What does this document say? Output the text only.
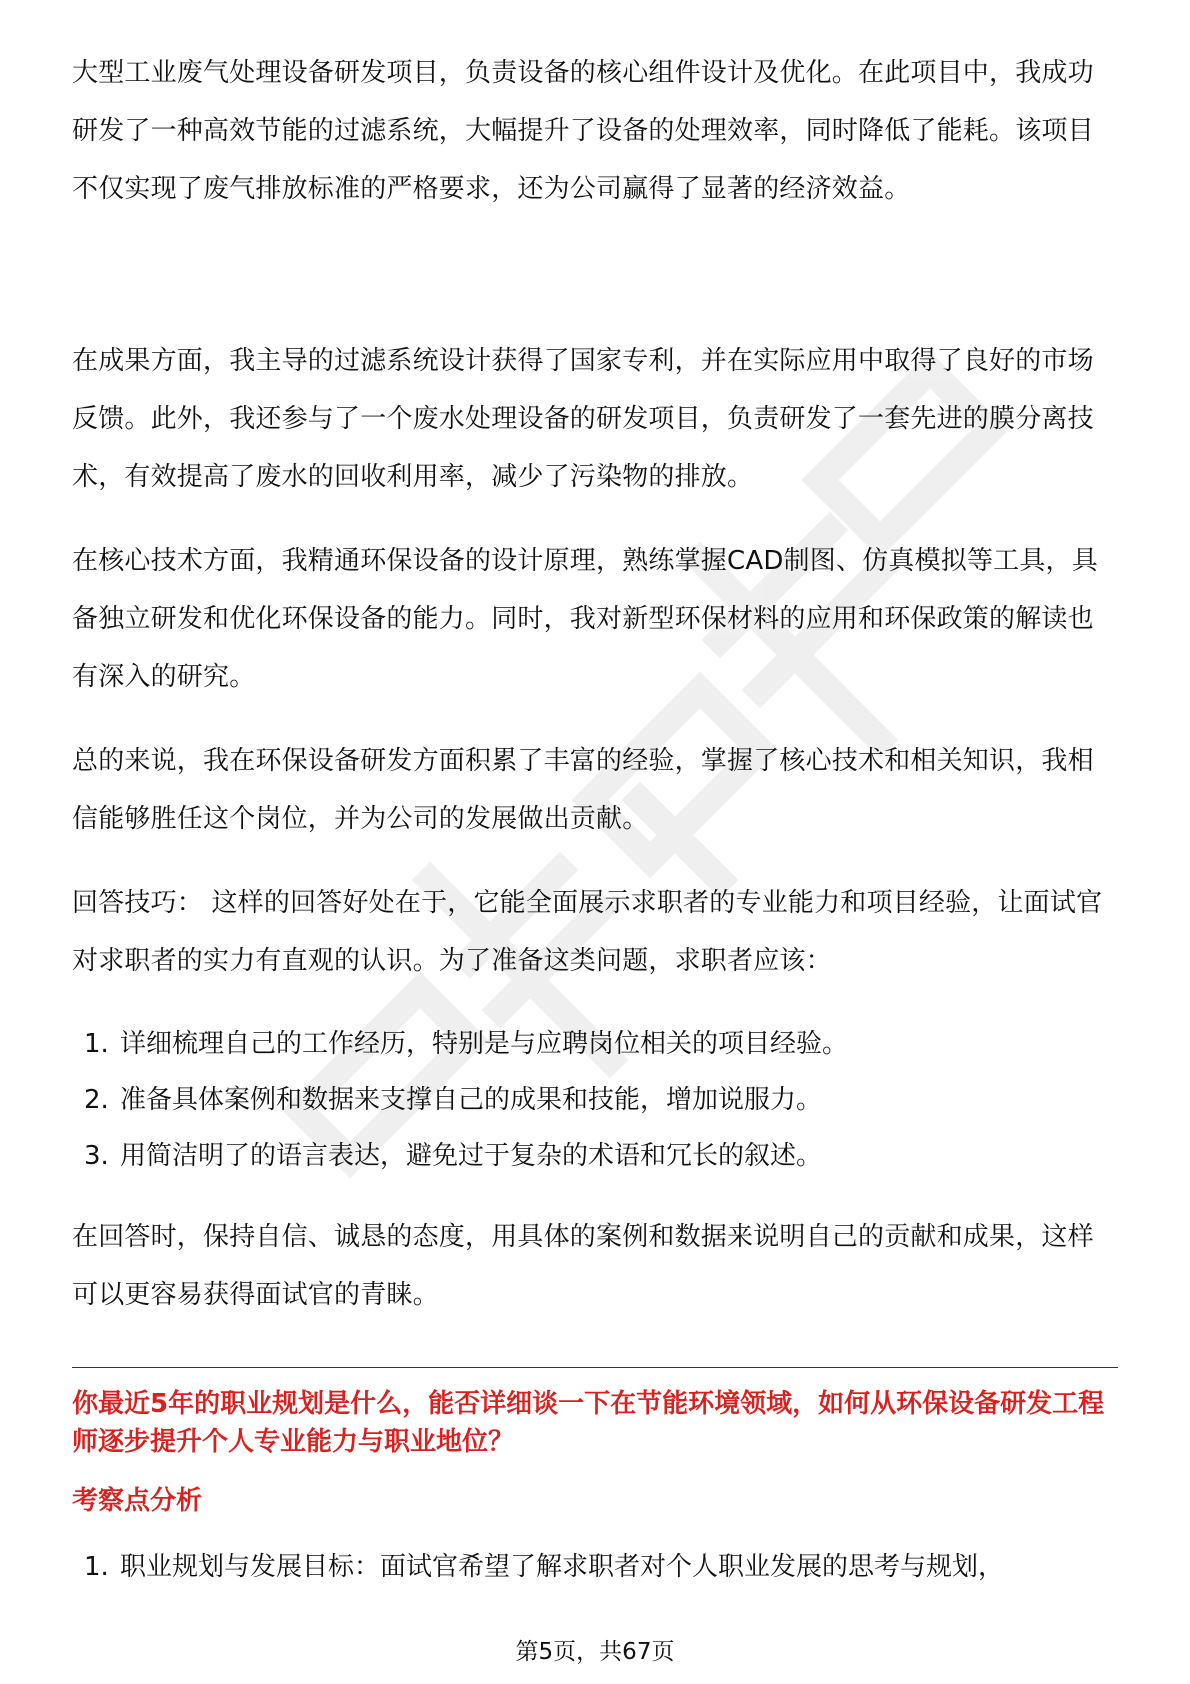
大型工业废气处理设备研发项目，负责设备的核心组件设计及优化。在此项目中，我成功研发了一种高效节能的过滤系统，大幅提升了设备的处理效率，同时降低了能耗。该项目不仅实现了废气排放标准的严格要求，还为公司赢得了显著的经济效益。

在成果方面，我主导的过滤系统设计获得了国家专利，并在实际应用中取得了良好的市场反馈。此外，我还参与了一个废水处理设备的研发项目，负责研发了一套先进的膜分离技术，有效提高了废水的回收利用率，减少了污染物的排放。

在核心技术方面，我精通环保设备的设计原理，熟练掌握CAD制图、仿真模拟等工具，具备独立研发和优化环保设备的能力。同时，我对新型环保材料的应用和环保政策的解读也有深入的研究。

总的来说，我在环保设备研发方面积累了丰富的经验，掌握了核心技术和相关知识，我相信能够胜任这个岗位，并为公司的发展做出贡献。

回答技巧： 这样的回答好处在于，它能全面展示求职者的专业能力和项目经验，让面试官对求职者的实力有直观的认识。为了准备这类问题，求职者应该：

1. 详细梳理自己的工作经历，特别是与应聘岗位相关的项目经验。
2. 准备具体案例和数据来支撑自己的成果和技能，增加说服力。
3. 用简洁明了的语言表达，避免过于复杂的术语和冗长的叙述。

在回答时，保持自信、诚恳的态度，用具体的案例和数据来说明自己的贡献和成果，这样可以更容易获得面试官的青睐。

你最近5年的职业规划是什么，能否详细谈一下在节能环境领域，如何从环保设备研发工程师逐步提升个人专业能力与职业地位？

考察点分析

1. 职业规划与发展目标：面试官希望了解求职者对个人职业发展的思考与规划，
第5页，共67页
